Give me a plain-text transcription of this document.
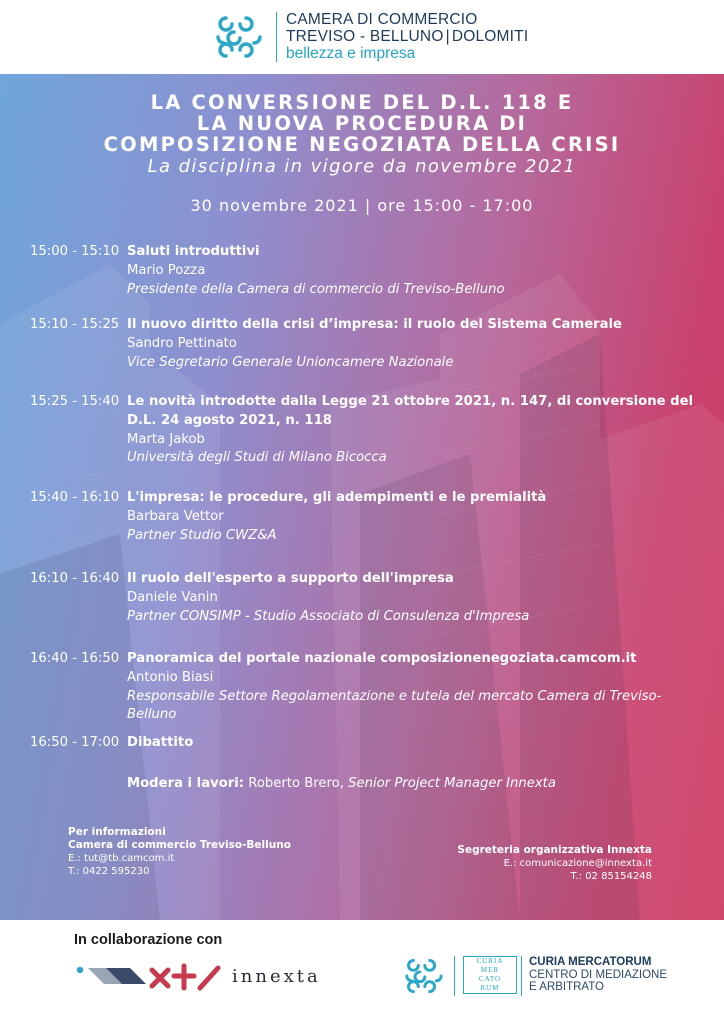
CAMERA DI COMMERCIO
TREVISO - BELLUNO | DOLOMITI
bellezza e impresa
LA CONVERSIONE DEL D.L. 118 E
LA NUOVA PROCEDURA DI
COMPOSIZIONE NEGOZIATA DELLA CRISI
La disciplina in vigore da novembre 2021
30 novembre 2021 | ore 15:00 - 17:00
15:00 - 15:10 Saluti introduttivi
Mario Pozza
Presidente della Camera di commercio di Treviso-Belluno
15:10 - 15:25 Il nuovo diritto della crisi d’impresa: il ruolo del Sistema Camerale
Sandro Pettinato
Vice Segretario Generale Unioncamere Nazionale
15:25 - 15:40 Le novità introdotte dalla Legge 21 ottobre 2021, n. 147, di conversione del D.L. 24 agosto 2021, n. 118
Marta Jakob
Università degli Studi di Milano Bicocca
15:40 - 16:10 L'impresa: le procedure, gli adempimenti e le premialità
Barbara Vettor
Partner Studio CWZ&A
16:10 - 16:40 Il ruolo dell'esperto a supporto dell'impresa
Daniele Vanin
Partner CONSIMP - Studio Associato di Consulenza d'Impresa
16:40 - 16:50 Panoramica del portale nazionale composizionenegoziata.camcom.it
Antonio Biasi
Responsabile Settore Regolamentazione e tutela del mercato Camera di Treviso-Belluno
16:50 - 17:00 Dibattito
Modera i lavori: Roberto Brero, Senior Project Manager Innexta
Per informazioni
Camera di commercio Treviso-Belluno
E.: tut@tb.camcom.it
T.: 0422 595230
Segreteria organizzativa Innexta
E.: comunicazione@innexta.it
T.: 02 85154248
In collaborazione con
innexta
CURIA
MER
CATO
RUM
CURIA MERCATORUM
CENTRO DI MEDIAZIONE
E ARBITRATO
